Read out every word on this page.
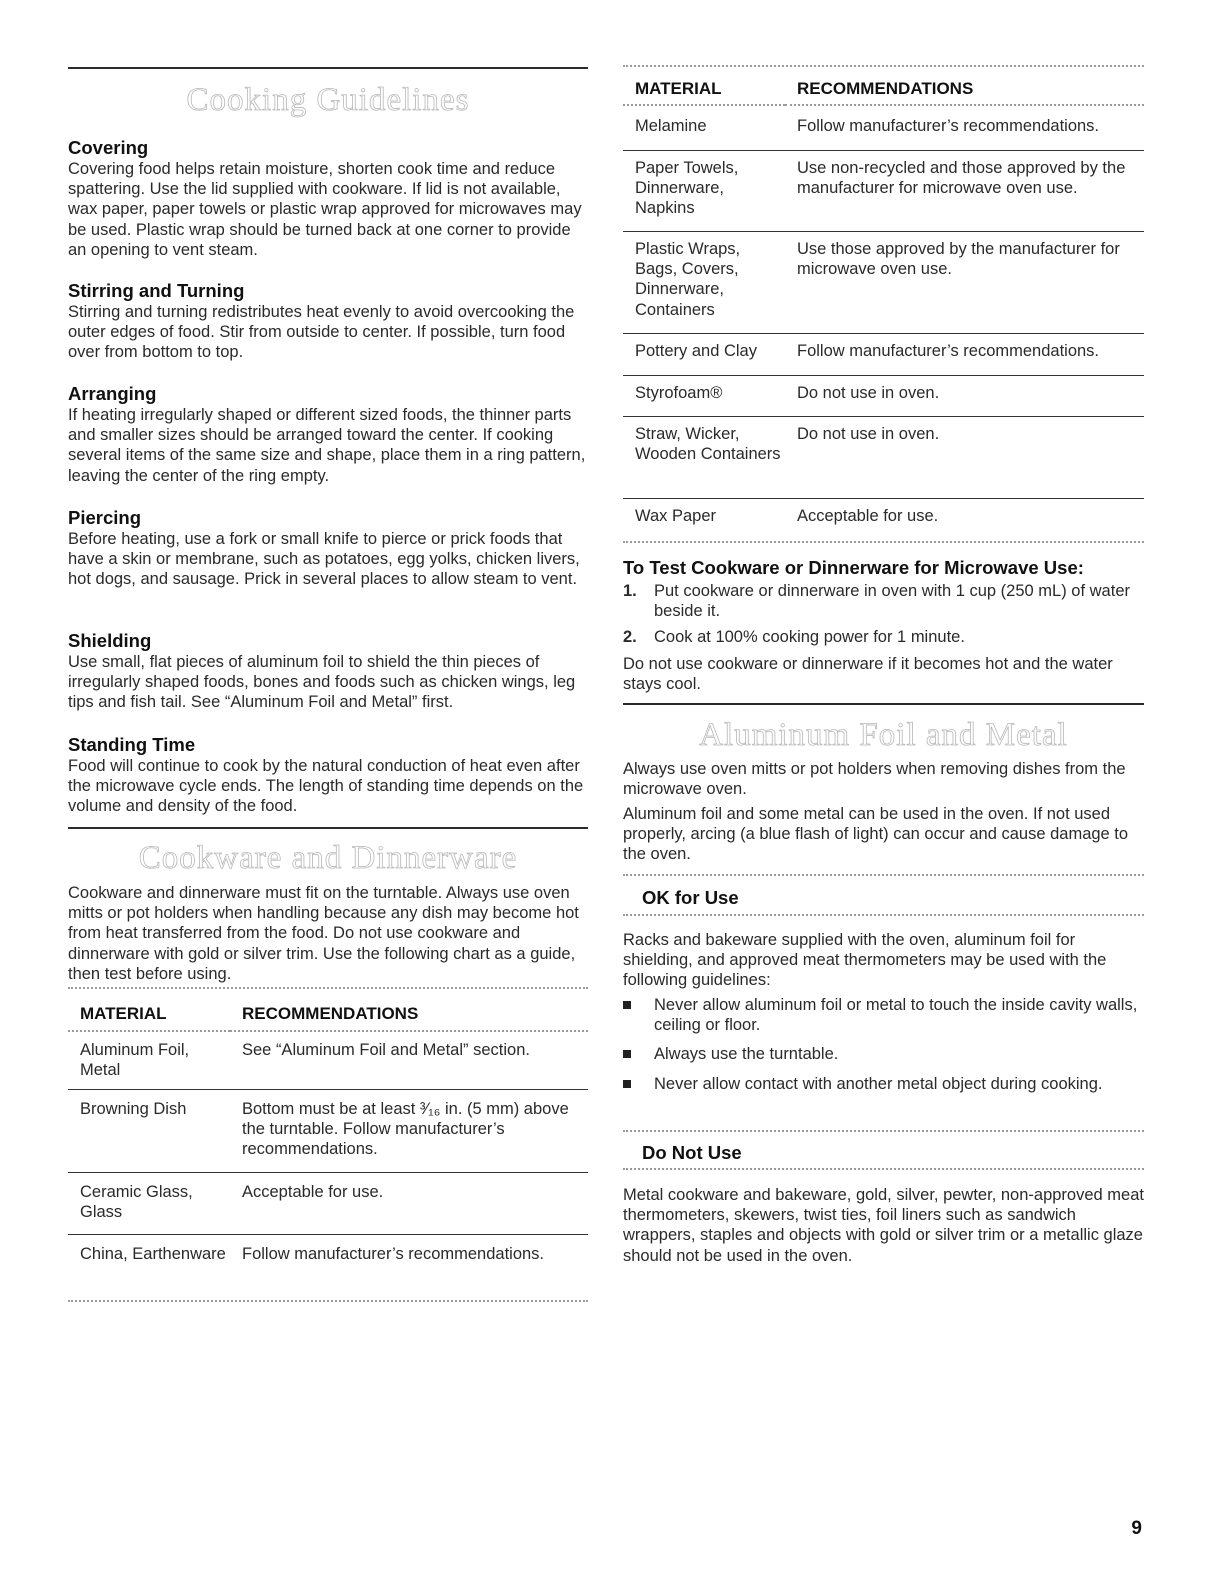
Cooking Guidelines
Covering

Covering food helps retain moisture, shorten cook time and reduce spattering. Use the lid supplied with cookware. If lid is not available, wax paper, paper towels or plastic wrap approved for microwaves may be used. Plastic wrap should be turned back at one corner to provide an opening to vent steam.

Stirring and Turning

Stirring and turning redistributes heat evenly to avoid overcooking the outer edges of food. Stir from outside to center. If possible, turn food over from bottom to top.

Arranging

If heating irregularly shaped or different sized foods, the thinner parts and smaller sizes should be arranged toward the center. If cooking several items of the same size and shape, place them in a ring pattern, leaving the center of the ring empty.

Piercing

Before heating, use a fork or small knife to pierce or prick foods that have a skin or membrane, such as potatoes, egg yolks, chicken livers, hot dogs, and sausage. Prick in several places to allow steam to vent.

Shielding

Use small, flat pieces of aluminum foil to shield the thin pieces of irregularly shaped foods, bones and foods such as chicken wings, leg tips and fish tail. See “Aluminum Foil and Metal” first.

Standing Time

Food will continue to cook by the natural conduction of heat even after the microwave cycle ends. The length of standing time depends on the volume and density of the food.

Cookware and Dinnerware

Cookware and dinnerware must fit on the turntable. Always use oven mitts or pot holders when handling because any dish may become hot from heat transferred from the food. Do not use cookware and dinnerware with gold or silver trim. Use the following chart as a guide, then test before using.

MATERIAL	RECOMMENDATIONS

Aluminum Foil, Metal	See “Aluminum Foil and Metal” section.

Browning Dish	Bottom must be at least ³⁄₁₆ in. (5 mm) above the turntable. Follow manufacturer’s recommendations.

Ceramic Glass, Glass	Acceptable for use.

China, Earthenware	Follow manufacturer’s recommendations.
MATERIAL	RECOMMENDATIONS

Melamine	Follow manufacturer’s recommendations.

Paper Towels, Dinnerware, Napkins	Use non-recycled and those approved by the manufacturer for microwave oven use.

Plastic Wraps, Bags, Covers, Dinnerware, Containers	Use those approved by the manufacturer for microwave oven use.

Pottery and Clay	Follow manufacturer’s recommendations.

Styrofoam®	Do not use in oven.

Straw, Wicker, Wooden Containers	Do not use in oven.

Wax Paper	Acceptable for use.
To Test Cookware or Dinnerware for Microwave Use:
1. Put cookware or dinnerware in oven with 1 cup (250 mL) of water beside it.
2. Cook at 100% cooking power for 1 minute.

Do not use cookware or dinnerware if it becomes hot and the water stays cool.

Aluminum Foil and Metal

Always use oven mitts or pot holders when removing dishes from the microwave oven.

Aluminum foil and some metal can be used in the oven. If not used properly, arcing (a blue flash of light) can occur and cause damage to the oven.

OK for Use

Racks and bakeware supplied with the oven, aluminum foil for shielding, and approved meat thermometers may be used with the following guidelines:

Never allow aluminum foil or metal to touch the inside cavity walls, ceiling or floor.
Always use the turntable.
Never allow contact with another metal object during cooking.
Do Not Use

Metal cookware and bakeware, gold, silver, pewter, non-approved meat thermometers, skewers, twist ties, foil liners such as sandwich wrappers, staples and objects with gold or silver trim or a metallic glaze should not be used in the oven.

9
